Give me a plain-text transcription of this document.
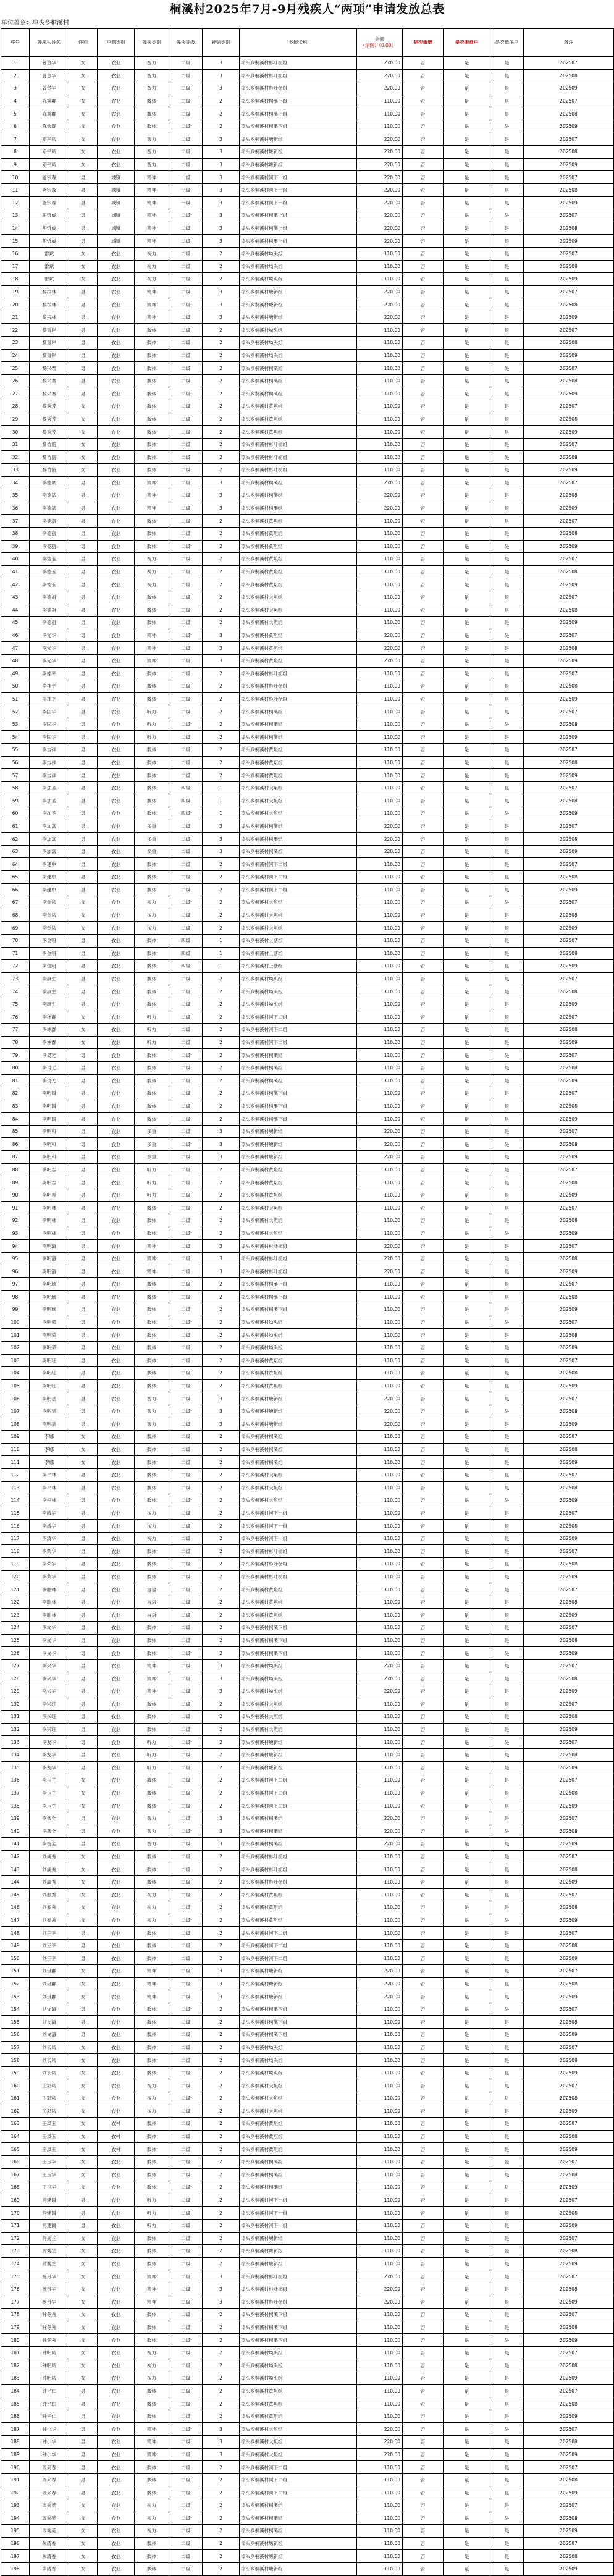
桐溪村2025年7月-9月残疾人“两项”申请发放总表
单位盖章：埠头乡桐溪村
序号	残疾人姓名	性别	户籍类别	残疾类别	残疾等级	补贴类别	乡镇名称	金额
(示例）（0.00）	是否新增	是否困难户	是否低保户	备注
1	曾金华	女	农业	智力	二级	3	埠头乡桐溪村杉叶枥组	220.00	否	是	是	202507
2	曾金华	女	农业	智力	二级	3	埠头乡桐溪村杉叶枥组	220.00	否	是	是	202508
3	曾金华	女	农业	智力	二级	3	埠头乡桐溪村杉叶枥组	220.00	否	是	是	202509
4	陈秀群	女	农业	肢体	二级	2	埠头乡桐溪村桐溪下组	110.00	否	是	是	202507
5	陈秀群	女	农业	肢体	二级	2	埠头乡桐溪村桐溪下组	110.00	否	是	是	202508
6	陈秀群	女	农业	肢体	二级	2	埠头乡桐溪村桐溪下组	110.00	否	是	是	202509
7	邓平凤	女	农业	智力	二级	3	埠头乡桐溪村塘新组	220.00	否	是	是	202507
8	邓平凤	女	农业	智力	二级	3	埠头乡桐溪村塘新组	220.00	否	是	是	202508
9	邓平凤	女	农业	智力	二级	3	埠头乡桐溪村塘新组	220.00	否	是	是	202509
10	爸宗森	男	城镇	精神	一级	3	埠头乡桐溪村河下一组	220.00	否	是	是	202507
11	爸宗森	男	城镇	精神	一级	3	埠头乡桐溪村河下一组	220.00	否	是	是	202508
12	爸宗森	男	城镇	精神	一级	3	埠头乡桐溪村河下一组	220.00	否	是	是	202509
13	胡忻威	男	城镇	精神	二级	3	埠头乡桐溪村桐溪上组	220.00	否	是	是	202507
14	胡忻威	男	城镇	精神	二级	3	埠头乡桐溪村桐溪上组	220.00	否	是	是	202508
15	胡忻威	男	城镇	精神	二级	3	埠头乡桐溪村桐溪上组	220.00	否	是	是	202509
16	雷斌	女	农业	视力	二级	2	埠头乡桐溪村坳头组	110.00	否	是	是	202507
17	雷斌	女	农业	视力	二级	2	埠头乡桐溪村坳头组	110.00	否	是	是	202508
18	雷斌	女	农业	视力	二级	2	埠头乡桐溪村坳头组	110.00	否	是	是	202509
19	黎根林	男	农业	精神	二级	3	埠头乡桐溪村塘新组	220.00	否	是	是	202507
20	黎根林	男	农业	精神	二级	3	埠头乡桐溪村塘新组	220.00	否	是	是	202508
21	黎根林	男	农业	精神	二级	3	埠头乡桐溪村塘新组	220.00	否	是	是	202509
22	黎青岸	男	农业	肢体	二级	2	埠头乡桐溪村坳头组	110.00	否	是	是	202507
23	黎青岸	男	农业	肢体	二级	2	埠头乡桐溪村坳头组	110.00	否	是	是	202508
24	黎青岸	男	农业	肢体	二级	2	埠头乡桐溪村坳头组	110.00	否	是	是	202509
25	黎兴君	男	农业	肢体	二级	2	埠头乡桐溪村桐溪组	110.00	否	是	是	202507
26	黎兴君	男	农业	肢体	二级	2	埠头乡桐溪村桐溪组	110.00	否	是	是	202508
27	黎兴君	男	农业	肢体	二级	2	埠头乡桐溪村桐溪组	110.00	否	是	是	202509
28	黎秀芳	女	农业	肢体	二级	2	埠头乡桐溪村黄坦组	110.00	否	是	是	202507
29	黎秀芳	女	农业	肢体	二级	2	埠头乡桐溪村黄坦组	110.00	否	是	是	202508
30	黎秀芳	女	农业	肢体	二级	2	埠头乡桐溪村黄坦组	110.00	否	是	是	202509
31	黎竹篮	女	农业	肢体	二级	2	埠头乡桐溪村杉叶枥组	110.00	否	是	是	202507
32	黎竹篮	女	农业	肢体	二级	2	埠头乡桐溪村杉叶枥组	110.00	否	是	是	202508
33	黎竹篮	女	农业	肢体	二级	2	埠头乡桐溪村杉叶枥组	110.00	否	是	是	202509
34	李德斌	男	农业	精神	二级	3	埠头乡桐溪村桐溪组	220.00	否	是	是	202507
35	李德斌	男	农业	精神	二级	3	埠头乡桐溪村桐溪组	220.00	否	是	是	202508
36	李德斌	男	农业	精神	二级	3	埠头乡桐溪村桐溪组	220.00	否	是	是	202509
37	李德指	男	农业	肢体	二级	2	埠头乡桐溪村黄坦组	110.00	否	是	是	202507
38	李德指	男	农业	肢体	二级	2	埠头乡桐溪村黄坦组	110.00	否	是	是	202508
39	李德指	男	农业	肢体	二级	2	埠头乡桐溪村黄坦组	110.00	否	是	是	202509
40	李德玉	男	农业	视力	二级	2	埠头乡桐溪村黄坦组	110.00	否	是	是	202507
41	李德玉	男	农业	视力	二级	2	埠头乡桐溪村黄坦组	110.00	否	是	是	202508
42	李德玉	男	农业	视力	二级	2	埠头乡桐溪村黄坦组	110.00	否	是	是	202509
43	李德祖	男	农业	肢体	二级	2	埠头乡桐溪村大坦组	110.00	否	是	是	202507
44	李德祖	男	农业	肢体	二级	2	埠头乡桐溪村大坦组	110.00	否	是	是	202508
45	李德祖	男	农业	肢体	二级	2	埠头乡桐溪村大坦组	110.00	否	是	是	202509
46	李光华	男	农业	精神	二级	3	埠头乡桐溪村黄坦组	220.00	否	是	是	202507
47	李光华	男	农业	精神	二级	3	埠头乡桐溪村黄坦组	220.00	否	是	是	202508
48	李光华	男	农业	精神	二级	3	埠头乡桐溪村黄坦组	220.00	否	是	是	202509
49	李桂平	男	农业	肢体	二级	2	埠头乡桐溪村杉叶枥组	110.00	否	是	是	202507
50	李桂平	男	农业	肢体	二级	2	埠头乡桐溪村杉叶枥组	110.00	否	是	是	202508
51	李桂平	男	农业	肢体	二级	2	埠头乡桐溪村杉叶枥组	110.00	否	是	是	202509
52	李国华	男	农业	听力	二级	2	埠头乡桐溪村桐溪组	110.00	否	是	是	202507
53	李国华	男	农业	听力	二级	2	埠头乡桐溪村桐溪组	110.00	否	是	是	202508
54	李国华	男	农业	听力	二级	2	埠头乡桐溪村桐溪组	110.00	否	是	是	202509
55	李吉祥	男	农业	肢体	二级	2	埠头乡桐溪村黄坦组	110.00	否	是	是	202507
56	李吉祥	男	农业	肢体	二级	2	埠头乡桐溪村黄坦组	110.00	否	是	是	202508
57	李吉祥	男	农业	肢体	二级	2	埠头乡桐溪村黄坦组	110.00	否	是	是	202509
58	李加圣	男	农业	肢体	四级	1	埠头乡桐溪村大坦组	110.00	否	是	是	202507
59	李加圣	男	农业	肢体	四级	1	埠头乡桐溪村大坦组	110.00	否	是	是	202508
60	李加圣	男	农业	肢体	四级	1	埠头乡桐溪村大坦组	110.00	否	是	是	202509
61	李加富	男	农业	多重	二级	3	埠头乡桐溪村桐溪组	220.00	否	是	是	202507
62	李加富	男	农业	多重	二级	3	埠头乡桐溪村桐溪组	220.00	否	是	是	202508
63	李加富	男	农业	多重	二级	3	埠头乡桐溪村桐溪组	220.00	否	是	是	202509
64	李建中	男	农业	肢体	二级	2	埠头乡桐溪村河下二组	110.00	否	是	是	202507
65	李建中	男	农业	肢体	二级	2	埠头乡桐溪村河下二组	110.00	否	是	是	202508
66	李建中	男	农业	肢体	二级	2	埠头乡桐溪村河下二组	110.00	否	是	是	202509
67	李金凤	女	农业	视力	二级	2	埠头乡桐溪村大坦组	110.00	否	是	是	202507
68	李金凤	女	农业	视力	二级	2	埠头乡桐溪村大坦组	110.00	否	是	是	202508
69	李金凤	女	农业	视力	二级	2	埠头乡桐溪村大坦组	110.00	否	是	是	202509
70	李金明	男	农业	肢体	四级	1	埠头乡桐溪村上塘组	110.00	否	是	是	202507
71	李金明	男	农业	肢体	四级	1	埠头乡桐溪村上塘组	110.00	否	是	是	202508
72	李金明	男	农业	肢体	四级	1	埠头乡桐溪村上塘组	110.00	否	是	是	202509
73	李康生	男	农业	肢体	二级	2	埠头乡桐溪村坳头组	110.00	否	是	是	202507
74	李康生	男	农业	肢体	二级	2	埠头乡桐溪村坳头组	110.00	否	是	是	202508
75	李康生	男	农业	肢体	二级	2	埠头乡桐溪村坳头组	110.00	否	是	是	202509
76	李林群	女	农业	听力	二级	2	埠头乡桐溪村河下二组	110.00	否	是	是	202507
77	李林群	女	农业	听力	二级	2	埠头乡桐溪村河下二组	110.00	否	是	是	202508
78	李林群	女	农业	听力	二级	2	埠头乡桐溪村河下二组	110.00	否	是	是	202509
79	李灵光	男	农业	肢体	二级	2	埠头乡桐溪村桐溪组	110.00	否	是	是	202507
80	李灵光	男	农业	肢体	二级	2	埠头乡桐溪村桐溪组	110.00	否	是	是	202508
81	李灵光	男	农业	肢体	二级	2	埠头乡桐溪村桐溪组	110.00	否	是	是	202509
82	李明国	男	农业	肢体	二级	2	埠头乡桐溪村桐溪下组	110.00	否	是	是	202507
83	李明国	男	农业	肢体	二级	2	埠头乡桐溪村桐溪下组	110.00	否	是	是	202508
84	李明国	男	农业	肢体	二级	2	埠头乡桐溪村桐溪下组	110.00	否	是	是	202509
85	李明和	男	农业	多重	二级	3	埠头乡桐溪村塘新组	220.00	否	是	是	202507
86	李明和	男	农业	多重	二级	3	埠头乡桐溪村塘新组	220.00	否	是	是	202508
87	李明和	男	农业	多重	二级	3	埠头乡桐溪村塘新组	220.00	否	是	是	202509
88	李明吉	男	农业	听力	二级	2	埠头乡桐溪村黄坦组	110.00	否	是	是	202507
89	李明吉	男	农业	听力	二级	2	埠头乡桐溪村黄坦组	110.00	否	是	是	202508
90	李明吉	男	农业	听力	二级	2	埠头乡桐溪村黄坦组	110.00	否	是	是	202509
91	李明林	男	农业	肢体	二级	2	埠头乡桐溪村大坦组	110.00	否	是	是	202507
92	李明林	男	农业	肢体	二级	2	埠头乡桐溪村大坦组	110.00	否	是	是	202508
93	李明林	男	农业	肢体	二级	2	埠头乡桐溪村大坦组	110.00	否	是	是	202509
94	李明清	男	农业	精神	二级	3	埠头乡桐溪村杉叶枥组	220.00	否	是	是	202507
95	李明清	男	农业	精神	二级	3	埠头乡桐溪村杉叶枥组	220.00	否	是	是	202508
96	李明清	男	农业	精神	二级	3	埠头乡桐溪村杉叶枥组	220.00	否	是	是	202509
97	李明球	男	农业	肢体	二级	2	埠头乡桐溪村桐溪下组	110.00	否	是	是	202507
98	李明球	男	农业	肢体	二级	2	埠头乡桐溪村桐溪下组	110.00	否	是	是	202508
99	李明球	男	农业	肢体	二级	2	埠头乡桐溪村桐溪下组	110.00	否	是	是	202509
100	李明荣	男	农业	肢体	二级	2	埠头乡桐溪村坳头组	110.00	否	是	是	202507
101	李明荣	男	农业	肢体	二级	2	埠头乡桐溪村坳头组	110.00	否	是	是	202508
102	李明荣	男	农业	肢体	二级	2	埠头乡桐溪村坳头组	110.00	否	是	是	202509
103	李明旺	男	农业	肢体	二级	2	埠头乡桐溪村黄坦组	110.00	否	是	是	202507
104	李明旺	男	农业	肢体	二级	2	埠头乡桐溪村黄坦组	110.00	否	是	是	202508
105	李明旺	男	农业	肢体	二级	2	埠头乡桐溪村黄坦组	110.00	否	是	是	202509
106	李明星	男	农业	智力	二级	3	埠头乡桐溪村塘新组	220.00	否	是	是	202507
107	李明星	男	农业	智力	二级	3	埠头乡桐溪村塘新组	220.00	否	是	是	202508
108	李明星	男	农业	智力	二级	3	埠头乡桐溪村塘新组	220.00	否	是	是	202509
109	李娜	女	农业	肢体	二级	2	埠头乡桐溪村桐溪组	110.00	否	是	是	202507
110	李娜	女	农业	肢体	二级	2	埠头乡桐溪村桐溪组	110.00	否	是	是	202508
111	李娜	女	农业	肢体	二级	2	埠头乡桐溪村桐溪组	110.00	否	是	是	202509
112	李平林	男	农业	肢体	二级	2	埠头乡桐溪村大坦组	110.00	否	是	是	202507
113	李平林	男	农业	肢体	二级	2	埠头乡桐溪村大坦组	110.00	否	是	是	202508
114	李平林	男	农业	肢体	二级	2	埠头乡桐溪村大坦组	110.00	否	是	是	202509
115	李清华	男	农业	视力	二级	2	埠头乡桐溪村河下一组	110.00	否	是	是	202507
116	李清华	男	农业	视力	二级	2	埠头乡桐溪村河下一组	110.00	否	是	是	202508
117	李清华	男	农业	视力	二级	2	埠头乡桐溪村河下一组	110.00	否	是	是	202509
118	李荣华	男	农业	肢体	二级	2	埠头乡桐溪村杉叶枥组	110.00	否	是	是	202507
119	李荣华	男	农业	肢体	二级	2	埠头乡桐溪村杉叶枥组	110.00	否	是	是	202508
120	李荣华	男	农业	肢体	二级	2	埠头乡桐溪村杉叶枥组	110.00	否	是	是	202509
121	李胜林	男	农业	言语	二级	2	埠头乡桐溪村黄坦组	110.00	否	是	是	202507
122	李胜林	男	农业	言语	二级	2	埠头乡桐溪村黄坦组	110.00	否	是	是	202508
123	李胜林	男	农业	言语	二级	2	埠头乡桐溪村黄坦组	110.00	否	是	是	202509
124	李文华	男	农业	肢体	二级	2	埠头乡桐溪村桐溪下组	110.00	否	是	是	202507
125	李文华	男	农业	肢体	二级	2	埠头乡桐溪村桐溪下组	110.00	否	是	是	202508
126	李文华	男	农业	肢体	二级	2	埠头乡桐溪村桐溪下组	110.00	否	是	是	202509
127	李兴华	男	农业	精神	二级	3	埠头乡桐溪村坳头组	220.00	否	是	是	202507
128	李兴华	男	农业	精神	二级	3	埠头乡桐溪村坳头组	220.00	否	是	是	202508
129	李兴华	男	农业	精神	二级	3	埠头乡桐溪村坳头组	220.00	否	是	是	202509
130	李兴旺	男	农业	肢体	二级	2	埠头乡桐溪村大坦组	110.00	否	是	是	202507
131	李兴旺	男	农业	肢体	二级	2	埠头乡桐溪村大坦组	110.00	否	是	是	202508
132	李兴旺	男	农业	肢体	二级	2	埠头乡桐溪村大坦组	110.00	否	是	是	202509
133	李友华	男	农业	听力	二级	2	埠头乡桐溪村塘新组	110.00	否	是	是	202507
134	李友华	男	农业	听力	二级	2	埠头乡桐溪村塘新组	110.00	否	是	是	202508
135	李友华	男	农业	听力	二级	2	埠头乡桐溪村塘新组	110.00	否	是	是	202509
136	李玉兰	女	农业	肢体	二级	2	埠头乡桐溪村河下二组	110.00	否	是	是	202507
137	李玉兰	女	农业	肢体	二级	2	埠头乡桐溪村河下二组	110.00	否	是	是	202508
138	李玉兰	女	农业	肢体	二级	2	埠头乡桐溪村河下二组	110.00	否	是	是	202509
139	李智全	男	农业	智力	二级	3	埠头乡桐溪村桐溪组	220.00	否	是	是	202507
140	李智全	男	农业	智力	二级	3	埠头乡桐溪村桐溪组	220.00	否	是	是	202508
141	李智全	男	农业	智力	二级	3	埠头乡桐溪村桐溪组	220.00	否	是	是	202509
142	刘成秀	女	农业	肢体	二级	2	埠头乡桐溪村杉叶枥组	110.00	否	是	是	202507
143	刘成秀	女	农业	肢体	二级	2	埠头乡桐溪村杉叶枥组	110.00	否	是	是	202508
144	刘成秀	女	农业	肢体	二级	2	埠头乡桐溪村杉叶枥组	110.00	否	是	是	202509
145	刘春秀	女	农业	视力	二级	2	埠头乡桐溪村黄坦组	110.00	否	是	是	202507
146	刘春秀	女	农业	视力	二级	2	埠头乡桐溪村黄坦组	110.00	否	是	是	202508
147	刘春秀	女	农业	视力	二级	2	埠头乡桐溪村黄坦组	110.00	否	是	是	202509
148	刘三平	男	农业	肢体	二级	2	埠头乡桐溪村河下二组	110.00	否	是	是	202507
149	刘三平	男	农业	肢体	二级	2	埠头乡桐溪村河下二组	110.00	否	是	是	202508
150	刘三平	男	农业	肢体	二级	2	埠头乡桐溪村河下二组	110.00	否	是	是	202509
151	刘世群	女	农业	精神	二级	3	埠头乡桐溪村塘新组	220.00	否	是	是	202507
152	刘世群	女	农业	精神	二级	3	埠头乡桐溪村塘新组	220.00	否	是	是	202508
153	刘世群	女	农业	精神	二级	3	埠头乡桐溪村塘新组	220.00	否	是	是	202509
154	刘文清	男	农业	肢体	二级	2	埠头乡桐溪村桐溪下组	110.00	否	是	是	202507
155	刘文清	男	农业	肢体	二级	2	埠头乡桐溪村桐溪下组	110.00	否	是	是	202508
156	刘文清	男	农业	肢体	二级	2	埠头乡桐溪村桐溪下组	110.00	否	是	是	202509
157	刘长凤	女	农业	肢体	二级	2	埠头乡桐溪村坳头组	110.00	否	是	是	202507
158	刘长凤	女	农业	肢体	二级	2	埠头乡桐溪村坳头组	110.00	否	是	是	202508
159	刘长凤	女	农业	肢体	二级	2	埠头乡桐溪村坳头组	110.00	否	是	是	202509
160	王彩凤	女	农业	视力	二级	2	埠头乡桐溪村大坦组	110.00	否	是	是	202507
161	王彩凤	女	农业	视力	二级	2	埠头乡桐溪村大坦组	110.00	否	是	是	202508
162	王彩凤	女	农业	视力	二级	2	埠头乡桐溪村大坦组	110.00	否	是	是	202509
163	王凤玉	女	农村	肢体	二级	2	埠头乡桐溪村黄坦组	110.00	否	是	是	202507
164	王凤玉	女	农村	肢体	二级	2	埠头乡桐溪村黄坦组	110.00	否	是	是	202508
165	王凤玉	女	农村	肢体	二级	2	埠头乡桐溪村黄坦组	110.00	否	是	是	202509
166	王玉华	女	农业	肢体	二级	2	埠头乡桐溪村桐溪组	110.00	否	是	是	202507
167	王玉华	女	农业	肢体	二级	2	埠头乡桐溪村桐溪组	110.00	否	是	是	202508
168	王玉华	女	农业	肢体	二级	2	埠头乡桐溪村桐溪组	110.00	否	是	是	202509
169	肖建国	男	农业	听力	二级	2	埠头乡桐溪村河下一组	110.00	否	是	是	202507
170	肖建国	男	农业	听力	二级	2	埠头乡桐溪村河下一组	110.00	否	是	是	202508
171	肖建国	男	农业	听力	二级	2	埠头乡桐溪村河下一组	110.00	否	是	是	202509
172	肖秀兰	女	农业	肢体	二级	2	埠头乡桐溪村塘新组	110.00	否	是	是	202507
173	肖秀兰	女	农业	肢体	二级	2	埠头乡桐溪村塘新组	110.00	否	是	是	202508
174	肖秀兰	女	农业	肢体	二级	2	埠头乡桐溪村塘新组	110.00	否	是	是	202509
175	杨月华	女	农业	精神	二级	3	埠头乡桐溪村杉叶枥组	220.00	否	是	是	202507
176	杨月华	女	农业	精神	二级	3	埠头乡桐溪村杉叶枥组	220.00	否	是	是	202508
177	杨月华	女	农业	精神	二级	3	埠头乡桐溪村杉叶枥组	220.00	否	是	是	202509
178	钟冬秀	女	农业	肢体	二级	2	埠头乡桐溪村桐溪下组	110.00	否	是	是	202507
179	钟冬秀	女	农业	肢体	二级	2	埠头乡桐溪村桐溪下组	110.00	否	是	是	202508
180	钟冬秀	女	农业	肢体	二级	2	埠头乡桐溪村桐溪下组	110.00	否	是	是	202509
181	钟明凤	女	农业	视力	二级	2	埠头乡桐溪村坳头组	110.00	否	是	是	202507
182	钟明凤	女	农业	视力	二级	2	埠头乡桐溪村坳头组	110.00	否	是	是	202508
183	钟明凤	女	农业	视力	二级	2	埠头乡桐溪村坳头组	110.00	否	是	是	202509
184	钟平仁	男	农业	肢体	二级	2	埠头乡桐溪村黄坦组	110.00	否	是	是	202507
185	钟平仁	男	农业	肢体	二级	2	埠头乡桐溪村黄坦组	110.00	否	是	是	202508
186	钟平仁	男	农业	肢体	二级	2	埠头乡桐溪村黄坦组	110.00	否	是	是	202509
187	钟小华	男	农业	精神	二级	3	埠头乡桐溪村大坦组	220.00	否	是	是	202507
188	钟小华	男	农业	精神	二级	3	埠头乡桐溪村大坦组	220.00	否	是	是	202508
189	钟小华	男	农业	精神	二级	3	埠头乡桐溪村大坦组	220.00	否	是	是	202509
190	周来春	男	农业	肢体	二级	2	埠头乡桐溪村河下二组	110.00	否	是	是	202507
191	周来春	男	农业	肢体	二级	2	埠头乡桐溪村河下二组	110.00	否	是	是	202508
192	周来春	男	农业	肢体	二级	2	埠头乡桐溪村河下二组	110.00	否	是	是	202509
193	周秀英	女	农业	视力	二级	2	埠头乡桐溪村桐溪组	110.00	否	是	是	202507
194	周秀英	女	农业	视力	二级	2	埠头乡桐溪村桐溪组	110.00	否	是	是	202508
195	周秀英	女	农业	视力	二级	2	埠头乡桐溪村桐溪组	110.00	否	是	是	202509
196	朱清香	女	农业	肢体	二级	2	埠头乡桐溪村塘新组	110.00	否	是	是	202507
197	朱清香	女	农业	肢体	二级	2	埠头乡桐溪村塘新组	110.00	否	是	是	202508
198	朱清香	女	农业	肢体	二级	2	埠头乡桐溪村塘新组	110.00	否	是	是	202509
